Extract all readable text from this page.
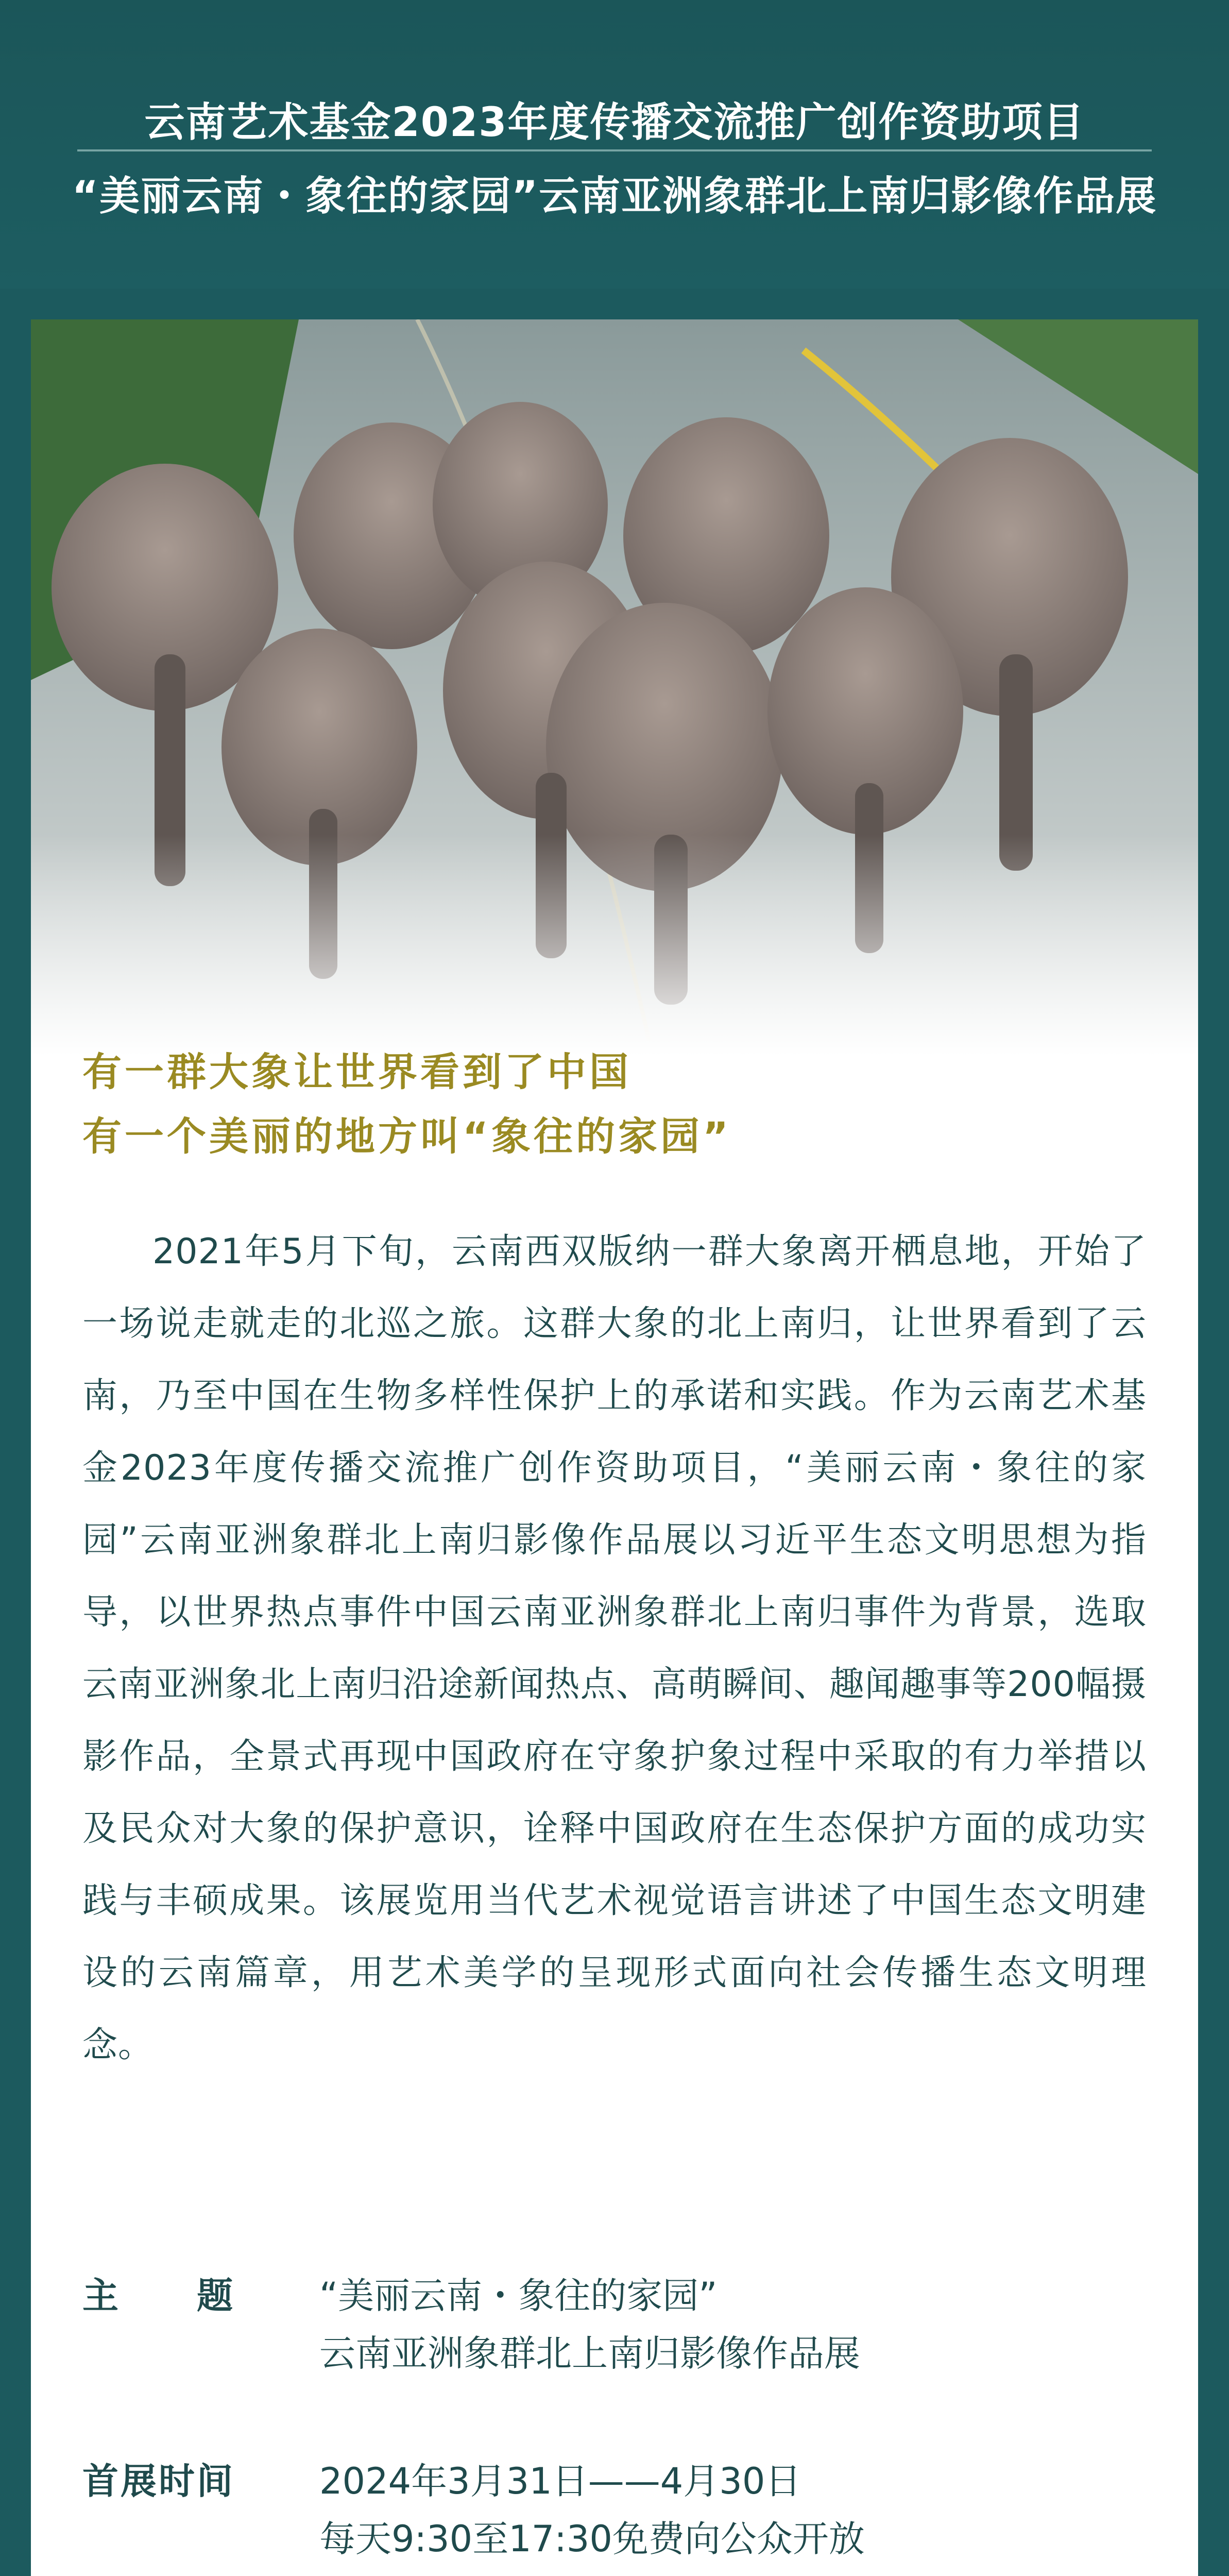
云南艺术基金2023年度传播交流推广创作资助项目
“美丽云南・象往的家园”云南亚洲象群北上南归影像作品展
有一群大象让世界看到了中国
有一个美丽的地方叫“象往的家园”
2021年5月下旬，云南西双版纳一群大象离开栖息地，开始了一场说走就走的北巡之旅。这群大象的北上南归，让世界看到了云南，乃至中国在生物多样性保护上的承诺和实践。作为云南艺术基金2023年度传播交流推广创作资助项目，“美丽云南・象往的家园”云南亚洲象群北上南归影像作品展以习近平生态文明思想为指导，以世界热点事件中国云南亚洲象群北上南归事件为背景，选取云南亚洲象北上南归沿途新闻热点、高萌瞬间、趣闻趣事等200幅摄影作品，全景式再现中国政府在守象护象过程中采取的有力举措以及民众对大象的保护意识，诠释中国政府在生态保护方面的成功实践与丰硕成果。该展览用当代艺术视觉语言讲述了中国生态文明建设的云南篇章，用艺术美学的呈现形式面向社会传播生态文明理念。
主　　题	“美丽云南・象往的家园”
云南亚洲象群北上南归影像作品展
首展时间	2024年3月31日——4月30日
每天9:30至17:30免费向公众开放
